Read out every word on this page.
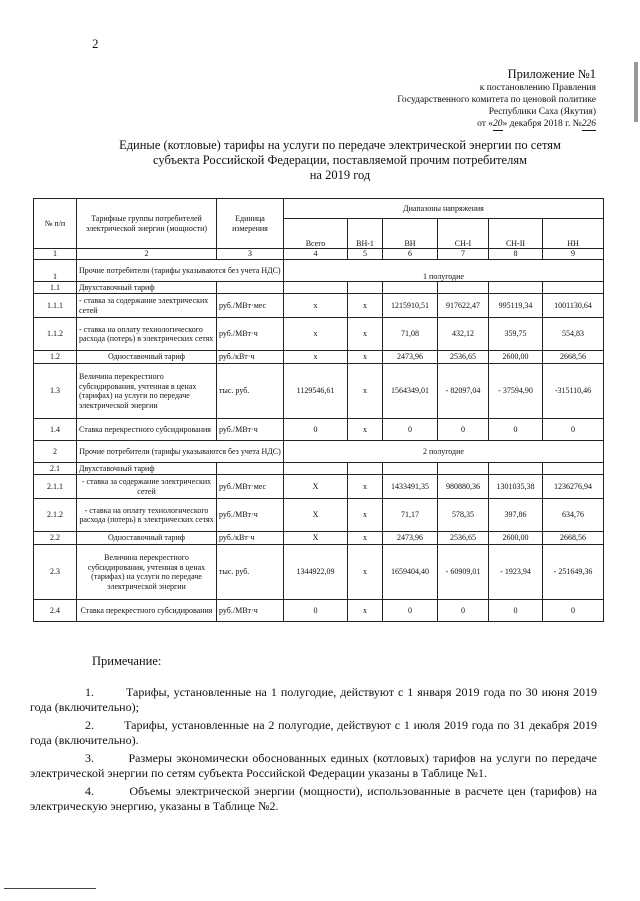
2
Приложение №1
к постановлению Правления
Государственного комитета по ценовой политике
Республики Саха (Якутия)
от «20» декабря 2018 г. №226
Единые (котловые) тарифы на услуги по передаче электрической энергии по сетям
субъекта Российской Федерации, поставляемой прочим потребителям
на 2019 год
№ п/п	Тарифные группы потребителей электрической энергии (мощности)	Единица измерения	Диапазоны напряжения					
			Всего	ВН-1	ВН	СН-I	СН-II	НН
1	2	3	4	5	6	7	8	9
1	Прочие потребители (тарифы указываются без учета НДС)		1 полугодие					
1.1	Двухставочный тариф							
1.1.1	- ставка за содержание электрических сетей	руб./МВт·мес	х	х	1215910,51	917622,47	995119,34	1001130,64
1.1.2	- ставка на оплату технологического расхода (потерь) в электрических сетях	руб./МВт·ч	х	х	71,08	432,12	359,75	554,83
1.2	Одноставочный тариф	руб./кВт·ч	х	х	2473,96	2536,65	2600,00	2668,56
1.3	Величина перекрестного субсидирования, учтенная в ценах (тарифах) на услуги по передаче электрической энергии	тыс. руб.	1129546,61	х	1564349,01	- 82097,04	- 37594,90	-315110,46
1.4	Ставка перекрестного субсидирования	руб./МВт·ч	0	х	0	0	0	0
2	Прочие потребители (тарифы указываются без учета НДС)		2 полугодие					
2.1	Двухставочный тариф							
2.1.1	- ставка за содержание электрических сетей	руб./МВт·мес	Х	х	1433491,35	980880,36	1301035,38	1236276,94
2.1.2	- ставка на оплату технологического расхода (потерь) в электрических сетях	руб./МВт·ч	Х	х	71,17	578,35	397,86	634,76
2.2	Одноставочный тариф	руб./кВт·ч	Х	х	2473,96	2536,65	2600,00	2668,56
2.3	Величина перекрестного субсидирования, учтенная в ценах (тарифах) на услуги по передаче электрической энергии	тыс. руб.	1344922,09	х	1659404,40	- 60909,01	- 1923,94	- 251649,36
2.4	Ставка перекрестного субсидирования	руб./МВт·ч	0	х	0	0	0	0
Примечание:
1.        Тарифы, установленные на 1 полугодие, действуют с 1 января 2019 года по 30 июня 2019 года (включительно);
2.        Тарифы, установленные на 2 полугодие, действуют с 1 июля 2019 года по 31 декабря 2019 года (включительно).
3.        Размеры экономически обоснованных единых (котловых) тарифов на услуги по передаче электрической энергии по сетям субъекта Российской Федерации указаны в Таблице №1.
4.        Объемы электрической энергии (мощности), использованные в расчете цен (тарифов) на электрическую энергию, указаны в Таблице №2.
